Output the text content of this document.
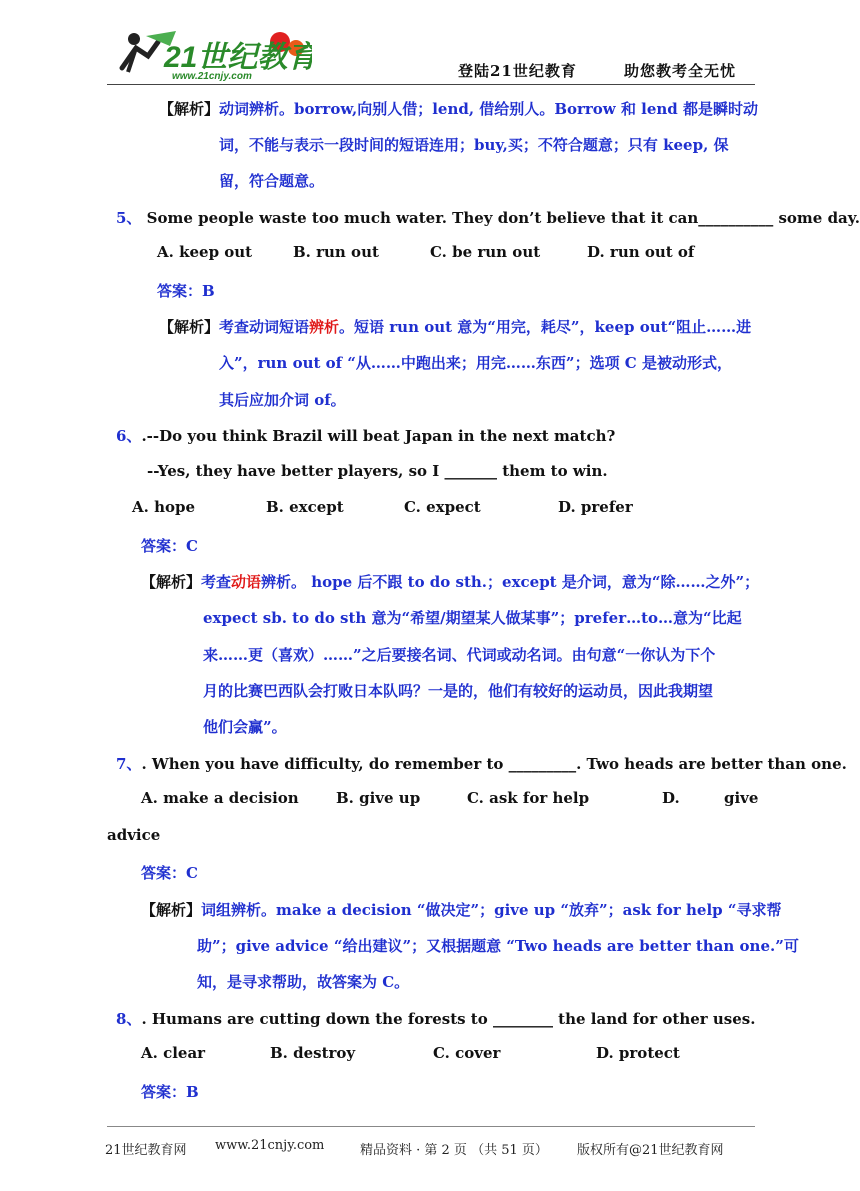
21世纪教育
www.21cnjy.com	登陆21世纪教育	助您教考全无忧
【解析】动词辨析。borrow,向别人借；lend, 借给别人。Borrow 和 lend 都是瞬时动
词，不能与表示一段时间的短语连用；buy,买；不符合题意；只有 keep, 保
留，符合题意。
5、 Some people waste too much water. They don’t believe that it can__________ some day.
【解析】考查动词短语辨析。短语 run out 意为“用完，耗尽”，keep out“阻止……进
入”，run out of “从……中跑出来；用完……东西”；选项 C 是被动形式，
其后应加介词 of。
6、.--Do you think Brazil will beat Japan in the next match?
--Yes, they have better players, so I _______ them to win.
【解析】考查动语辨析。 hope 后不跟 to do sth.；except 是介词，意为“除……之外”；
expect sb. to do sth 意为“希望/期望某人做某事”；prefer…to…意为“比起
来……更（喜欢）……”之后要接名词、代词或动名词。由句意“一你认为下个
月的比赛巴西队会打败日本队吗？一是的，他们有较好的运动员，因此我期望
他们会赢”。
7、. When you have difficulty, do remember to _________. Two heads are better than one.
advice
【解析】词组辨析。make a decision “做决定”；give up “放弃”；ask for help “寻求帮
助”；give advice “给出建议”；又根据题意 “Two heads are better than one.”可
知，是寻求帮助，故答案为 C。
8、. Humans are cutting down the forests to ________ the land for other uses.
A. keep out	B. run out	C. be run out	D. run out of
A. hope	B. except	C. expect	D. prefer
A. make a decision B. give up	C. ask for help	D.	give
A. clear	B. destroy	C. cover	D. protect
答案：B
答案：C
答案：C
答案：B
21世纪教育网 www.21cnjy.com	精品资料 · 第 2 页 （共 51 页） 版权所有@21世纪教育网
